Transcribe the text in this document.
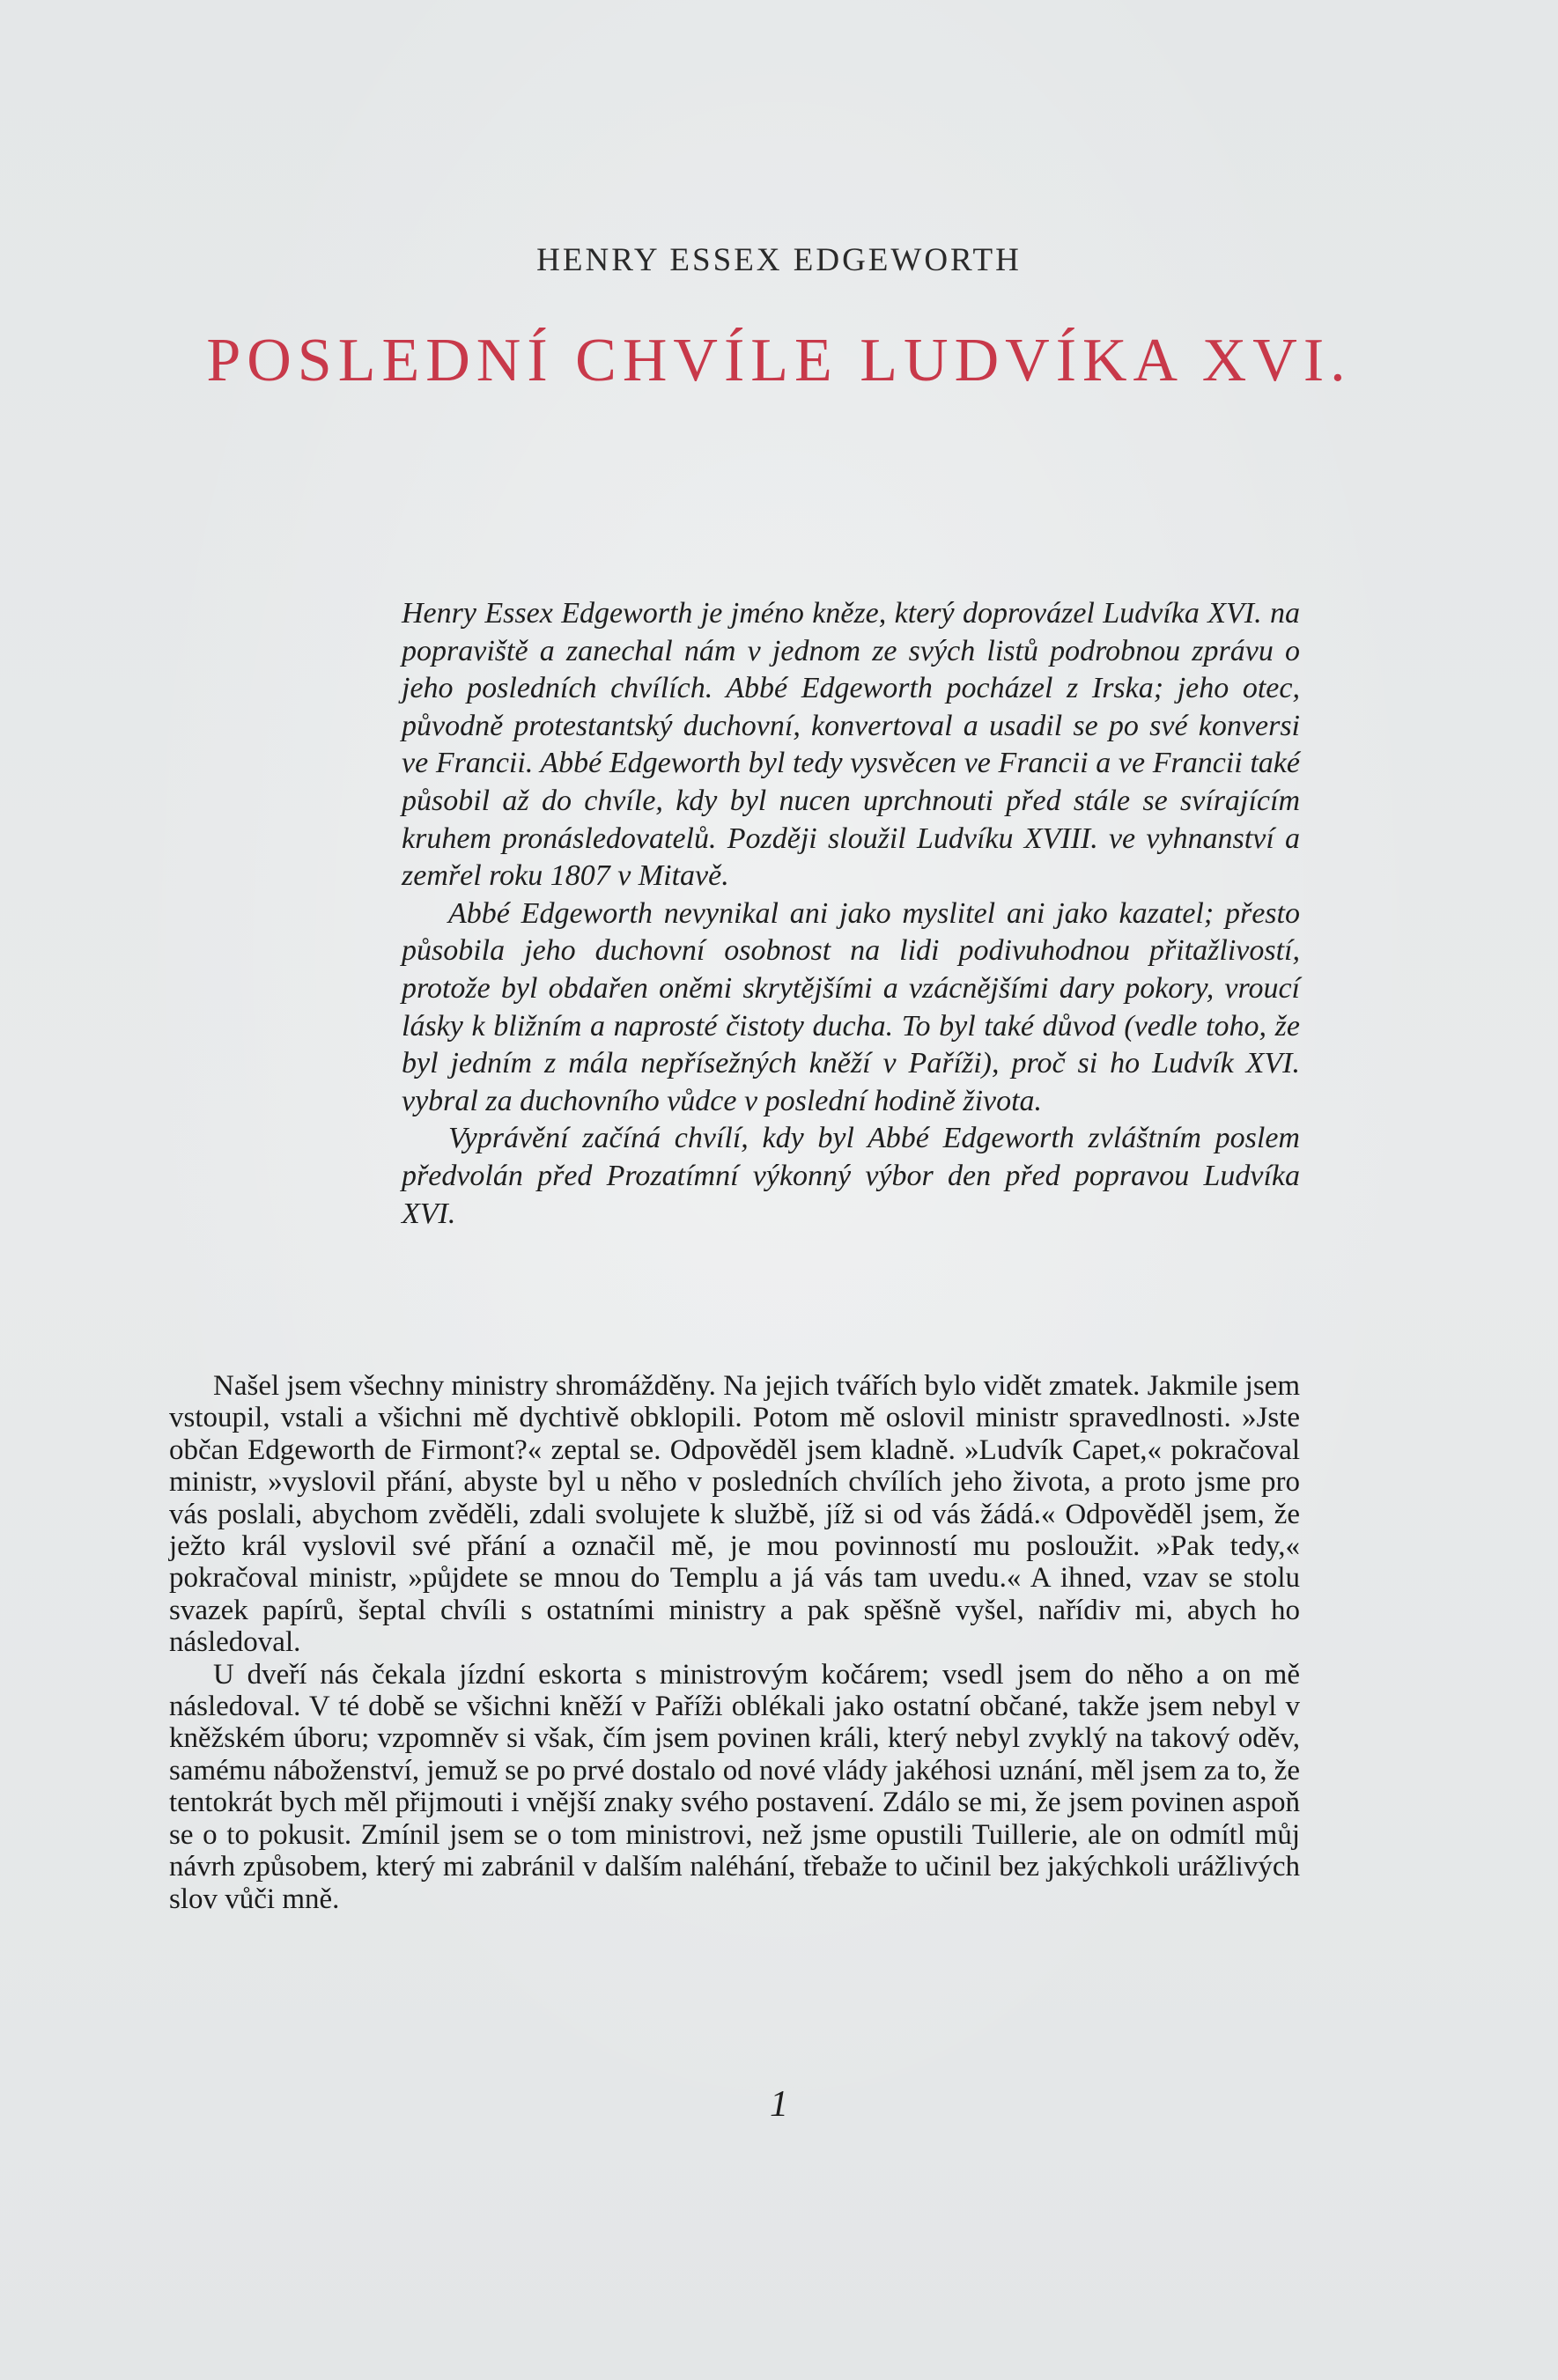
HENRY ESSEX EDGEWORTH
POSLEDNÍ CHVÍLE LUDVÍKA XVI.

Henry Essex Edgeworth je jméno kněze, který doprovázel Ludvíka XVI. na popraviště a zanechal nám v jednom ze svých listů podrobnou zprávu o jeho posledních chvílích. Abbé Edgeworth pocházel z Irska; jeho otec, původně protestantský duchovní, konvertoval a usadil se po své konversi ve Francii. Abbé Edgeworth byl tedy vysvěcen ve Francii a ve Francii také působil až do chvíle, kdy byl nucen uprchnouti před stále se svírajícím kruhem pronásledovatelů. Později sloužil Ludvíku XVIII. ve vyhnanství a zemřel roku 1807 v Mitavě.

Abbé Edgeworth nevynikal ani jako myslitel ani jako kazatel; přesto působila jeho duchovní osobnost na lidi podivuhodnou přitažlivostí, protože byl obdařen oněmi skrytějšími a vzácnějšími dary pokory, vroucí lásky k bližním a naprosté čistoty ducha. To byl také důvod (vedle toho, že byl jedním z mála nepřísežných kněží v Paříži), proč si ho Ludvík XVI. vybral za duchovního vůdce v poslední hodině života.

Vyprávění začíná chvílí, kdy byl Abbé Edgeworth zvláštním poslem předvolán před Prozatímní výkonný výbor den před popravou Ludvíka XVI.

Našel jsem všechny ministry shromážděny. Na jejich tvářích bylo vidět zmatek. Jakmile jsem vstoupil, vstali a všichni mě dychtivě obklopili. Potom mě oslovil ministr spravedlnosti. »Jste občan Edgeworth de Firmont?« zeptal se. Odpověděl jsem kladně. »Ludvík Capet,« pokračoval ministr, »vyslovil přání, abyste byl u něho v posledních chvílích jeho života, a proto jsme pro vás poslali, abychom zvěděli, zdali svolujete k službě, jíž si od vás žádá.« Odpověděl jsem, že ježto král vyslovil své přání a označil mě, je mou povinností mu posloužit. »Pak tedy,« pokračoval ministr, »půjdete se mnou do Templu a já vás tam uvedu.« A ihned, vzav se stolu svazek papírů, šeptal chvíli s ostatními ministry a pak spěšně vyšel, nařídiv mi, abych ho následoval.

U dveří nás čekala jízdní eskorta s ministrovým kočárem; vsedl jsem do něho a on mě následoval. V té době se všichni kněží v Paříži oblékali jako ostatní občané, takže jsem nebyl v kněžském úboru; vzpomněv si však, čím jsem povinen králi, který nebyl zvyklý na takový oděv, samému náboženství, jemuž se po prvé dostalo od nové vlády jakéhosi uznání, měl jsem za to, že tentokrát bych měl přijmouti i vnější znaky svého postavení. Zdálo se mi, že jsem povinen aspoň se o to pokusit. Zmínil jsem se o tom ministrovi, než jsme opustili Tuillerie, ale on odmítl můj návrh způsobem, který mi zabránil v dalším naléhání, třebaže to učinil bez jakýchkoli urážlivých slov vůči mně.

1
